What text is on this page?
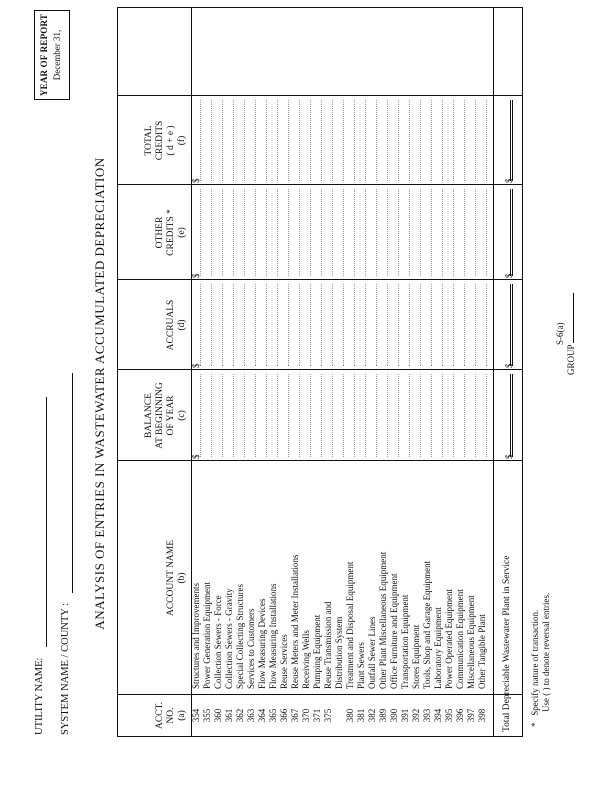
UTILITY NAME: SYSTEM NAME / COUNTY :
YEAR OF REPORT December 31,
ANALYSIS OF ENTRIES IN WASTEWATER ACCUMULATED DEPRECIATION
ACCT. NO. (a)
ACCOUNT NAME (b)
BALANCE AT BEGINNING OF YEAR (c)
ACCRUALS (d)
OTHER CREDITS * (e)
TOTAL CREDITS ( d + e ) (f)
354
Structures and Improvements
$
$
$
$
355
Power Generation Equipment
360
Collection Sewers - Force
361
Collection Sewers - Gravity
362
Special Collecting Structures
363
Services to Customers
364
Flow Measuring Devices
365
Flow Measuring Installations
366
Reuse Services
367
Reuse Meters and Meter Installations
370
Receiving Wells
371
Pumping Equipment
375
Reuse Transmission and Distribution System
380
Treatment and Disposal Equipment
381
Plant Sewers
382
Outfall Sewer Lines
389
Other Plant Miscellaneous Equipment
390
Office Furniture and Equipment
391
Transportation Equipment
392
Stores Equipment
393
Tools, Shop and Garage Equipment
394
Laboratory Equipment
395
Power Operated Equipment
396
Communication Equipment
397
Miscellaneous Equipment
398
Other Tangible Plant Total Depreciable Wastewater Plant in Service
$
$
$
$
*   Specify nature of transaction. Use ( ) to denote reversal entries.
S-6(a)
GROUP
